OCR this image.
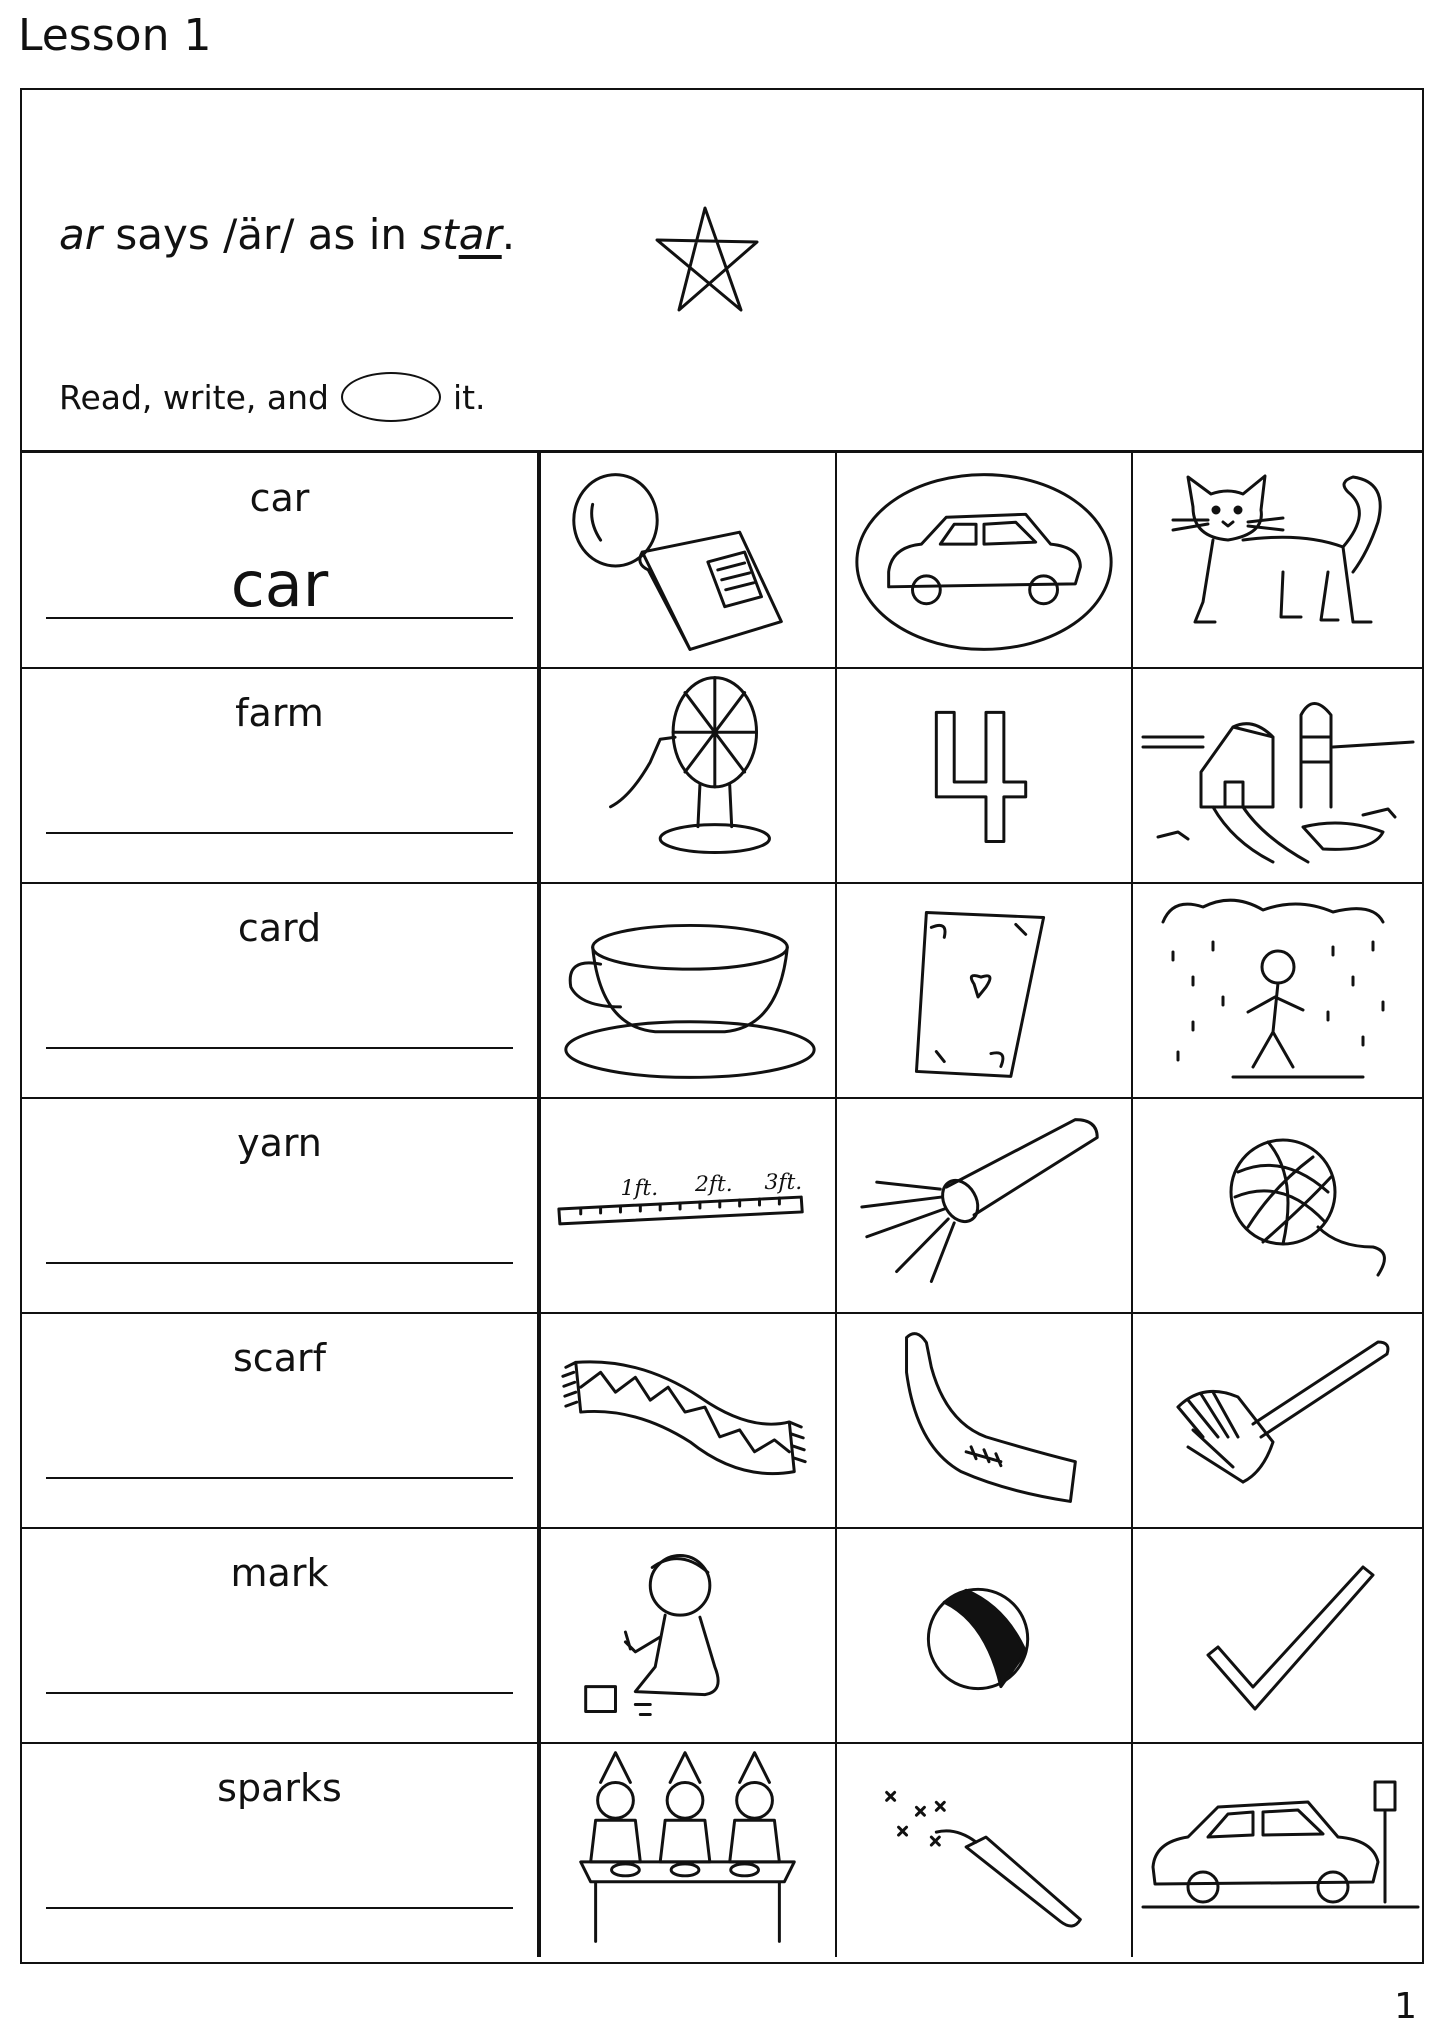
Lesson 1
ar says /är/ as in star.
Read, write, and	it.
car
car
farm
card
yarn
1ft. 2ft. 3ft.
scarf
mark
sparks
1
